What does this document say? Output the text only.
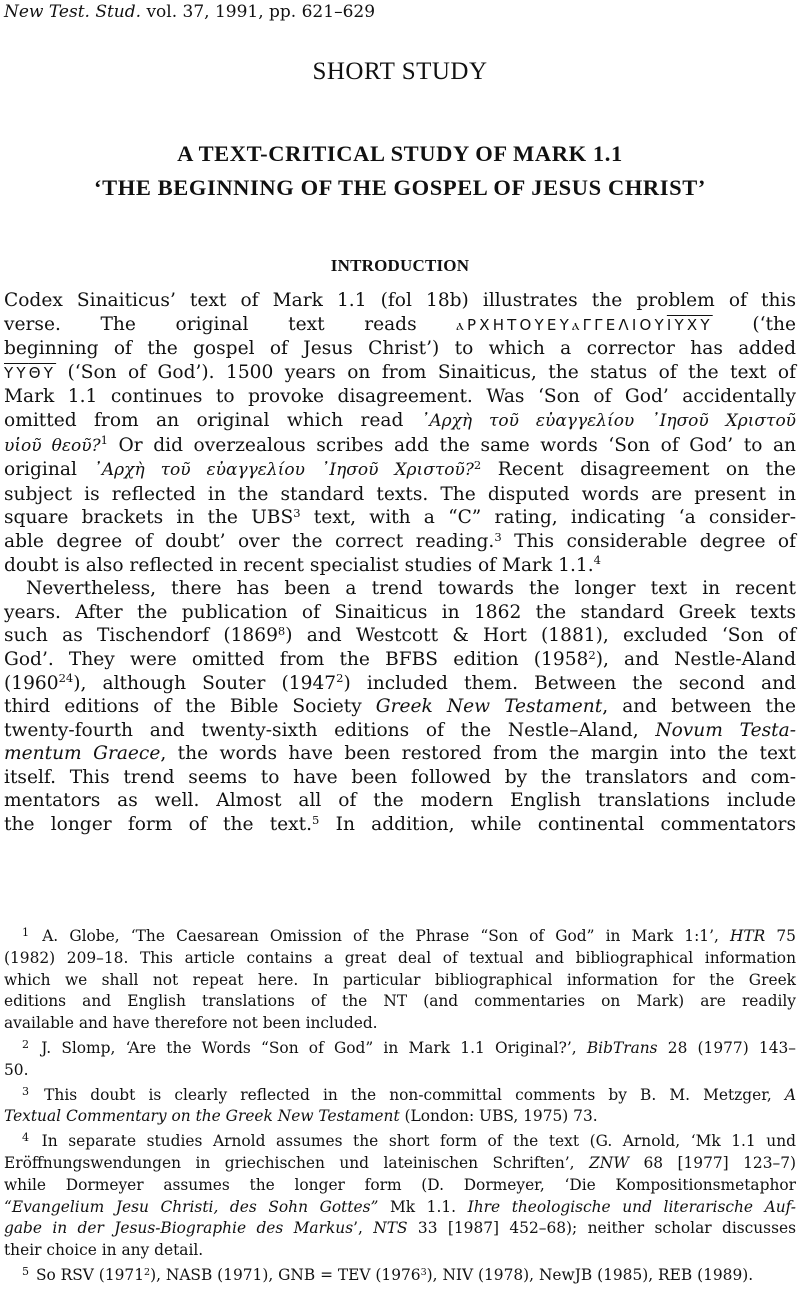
New Test. Stud. vol. 37, 1991, pp. 621–629
SHORT STUDY
A TEXT-CRITICAL STUDY OF MARK 1.1
‘THE BEGINNING OF THE GOSPEL OF JESUS CHRIST’
INTRODUCTION
Codex Sinaiticus’ text of Mark 1.1 (fol 18b) illustrates the problem of this
verse. The original text reads $ⲁPXHTO\Upsilon E\Upsilon ⲁ\Gamma\Gamma E\Lambda IO\Upsilon\overline{I\Upsilon}\overline{X\Upsilon}$ (‘the
beginning of the gospel of Jesus Christ’) to which a corrector has added
$\overline{\Upsilon\Upsilon}\overline{\Theta\Upsilon}$ (‘Son of God’). 1500 years on from Sinaiticus, the status of the text of
Mark 1.1 continues to provoke disagreement. Was ‘Son of God’ accidentally
omitted from an original which read ᾽Αρχὴ τοῦ εὐαγγελίου ᾽Ιησοῦ Χριστοῦ
υἱοῦ θεοῦ?$^1$ Or did overzealous scribes add the same words ‘Son of God’ to an
original ᾽Αρχὴ τοῦ εὐαγγελίου ᾽Ιησοῦ Χριστοῦ?$^2$ Recent disagreement on the
subject is reflected in the standard texts. The disputed words are present in
square brackets in the UBS$^3$ text, with a “C” rating, indicating ‘a consider-
able degree of doubt’ over the correct reading.$^3$ This considerable degree of
doubt is also reflected in recent specialist studies of Mark 1.1.$^4$
Nevertheless, there has been a trend towards the longer text in recent
years. After the publication of Sinaiticus in 1862 the standard Greek texts
such as Tischendorf (1869$^8$) and Westcott & Hort (1881), excluded ‘Son of
God’. They were omitted from the BFBS edition (1958$^2$), and Nestle-Aland
(1960$^{24}$), although Souter (1947$^2$) included them. Between the second and
third editions of the Bible Society Greek New Testament, and between the
twenty-fourth and twenty-sixth editions of the Nestle–Aland, Novum Testa-
mentum Graece, the words have been restored from the margin into the text
itself. This trend seems to have been followed by the translators and com-
mentators as well. Almost all of the modern English translations include
the longer form of the text.$^5$ In addition, while continental commentators
$^1$ A. Globe, ‘The Caesarean Omission of the Phrase “Son of God” in Mark 1:1’, HTR 75
(1982) 209–18. This article contains a great deal of textual and bibliographical information
which we shall not repeat here. In particular bibliographical information for the Greek
editions and English translations of the NT (and commentaries on Mark) are readily
available and have therefore not been included.
$^2$ J. Slomp, ‘Are the Words “Son of God” in Mark 1.1 Original?’, BibTrans 28 (1977) 143–
50.
$^3$ This doubt is clearly reflected in the non-committal comments by B. M. Metzger, A
Textual Commentary on the Greek New Testament (London: UBS, 1975) 73.
$^4$ In separate studies Arnold assumes the short form of the text (G. Arnold, ‘Mk 1.1 und
Eröffnungswendungen in griechischen und lateinischen Schriften’, ZNW 68 [1977] 123–7)
while Dormeyer assumes the longer form (D. Dormeyer, ‘Die Kompositionsmetaphor
“Evangelium Jesu Christi, des Sohn Gottes” Mk 1.1. Ihre theologische und literarische Auf-
gabe in der Jesus-Biographie des Markus’, NTS 33 [1987] 452–68); neither scholar discusses
their choice in any detail.
$^5$ So RSV (1971$^2$), NASB (1971), GNB = TEV (1976$^3$), NIV (1978), NewJB (1985), REB (1989).
